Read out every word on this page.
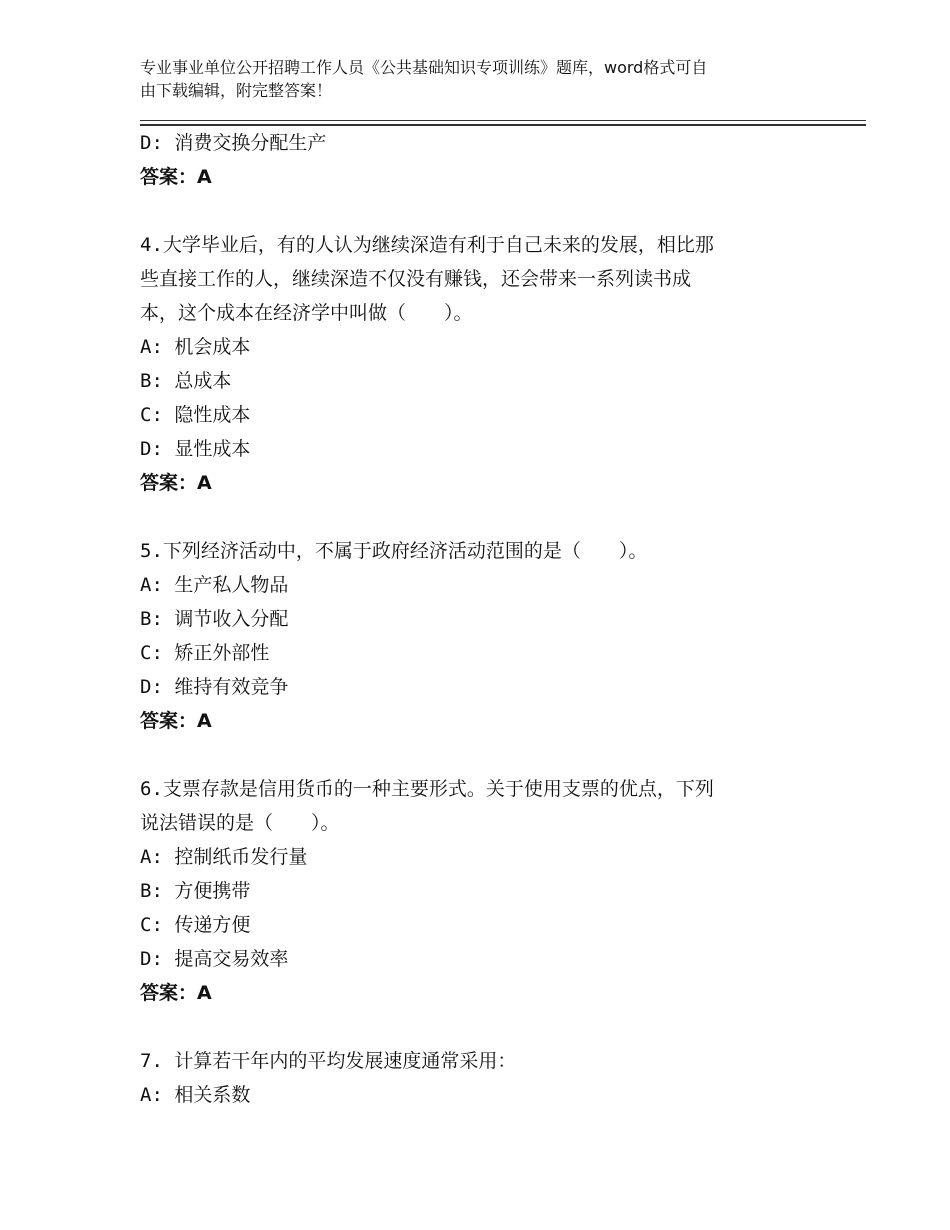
专业事业单位公开招聘工作人员《公共基础知识专项训练》题库，word格式可自
由下载编辑，附完整答案！
D: 消费交换分配生产
答案：A
4.大学毕业后，有的人认为继续深造有利于自己未来的发展，相比那
些直接工作的人，继续深造不仅没有赚钱，还会带来一系列读书成
本，这个成本在经济学中叫做（　　）。
A: 机会成本
B: 总成本
C: 隐性成本
D: 显性成本
答案：A
5.下列经济活动中，不属于政府经济活动范围的是（　　）。
A: 生产私人物品
B: 调节收入分配
C: 矫正外部性
D: 维持有效竞争
答案：A
6.支票存款是信用货币的一种主要形式。关于使用支票的优点，下列
说法错误的是（　　）。
A: 控制纸币发行量
B: 方便携带
C: 传递方便
D: 提高交易效率
答案：A
7. 计算若干年内的平均发展速度通常采用：
A: 相关系数
